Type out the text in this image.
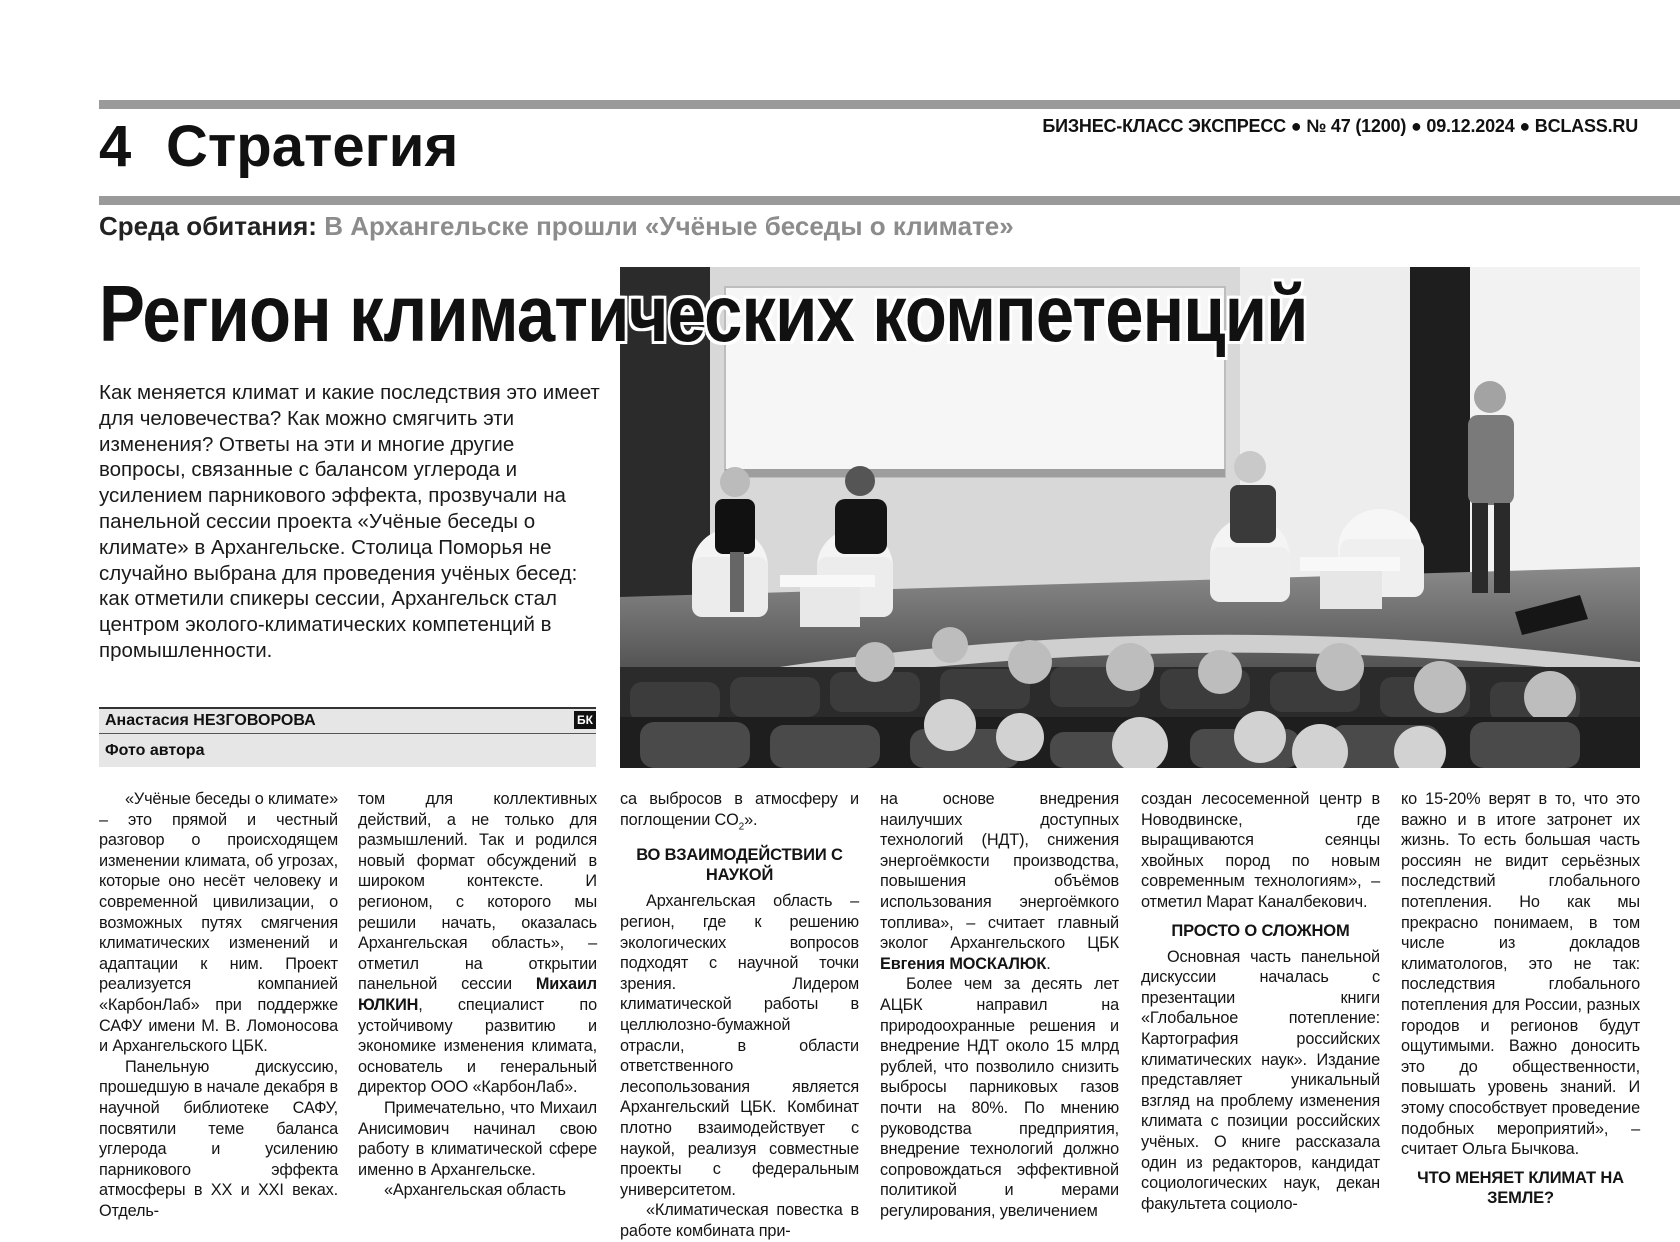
4 Стратегия	БИЗНЕС-КЛАСС ЭКСПРЕСС ● № 47 (1200) ● 09.12.2024 ● BCLASS.RU
Среда обитания: В Архангельске прошли «Учёные беседы о климате»
Регион климатических компетенций
Как меняется климат и какие последствия это имеет для человечества? Как можно смягчить эти изменения? Ответы на эти и многие другие вопросы, связанные с балансом углерода и усилением парникового эффекта, прозвучали на панельной сессии проекта «Учёные беседы о климате» в Архангельске. Столица Поморья не случайно выбрана для проведения учёных бесед: как отметили спикеры сессии, Архангельск стал центром эколого-климатических компетенций в промышленности.
Анастасия НЕЗГОВОРОВА	БК
Фото автора

«Учёные беседы о климате» – это прямой и честный разговор о происходящем изменении климата, об угрозах, которые оно несёт человеку и современной цивилизации, о возможных путях смягчения климатических изменений и адаптации к ним. Проект реализуется компанией «КарбонЛаб» при поддержке САФУ имени М. В. Ломоносова и Архангельского ЦБК.

Панельную дискуссию, прошедшую в начале декабря в научной библиотеке САФУ, посвятили теме баланса углерода и усилению парникового эффекта атмосферы в XX и XXI веках. Отдель-

том для коллективных действий, а не только для размышлений. Так и родился новый формат обсуждений в широком контексте. И регионом, с которого мы решили начать, оказалась Архангельская область», – отметил на открытии панельной сессии Михаил ЮЛКИН, специалист по устойчивому развитию и экономике изменения климата, основатель и генеральный директор ООО «КарбонЛаб».

Примечательно, что Михаил Анисимович начинал свою работу в климатической сфере именно в Архангельске.

«Архангельская область

са выбросов в атмосферу и поглощении $CO_2$».

ВО ВЗАИМОДЕЙСТВИИ С НАУКОЙ

Архангельская область – регион, где к решению экологических вопросов подходят с научной точки зрения. Лидером климатической работы в целлюлозно-бумажной отрасли, в области ответственного лесопользования является Архангельский ЦБК. Комбинат плотно взаимодействует с наукой, реализуя совместные проекты с федеральным университетом.

«Климатическая повестка в работе комбината при-

на основе внедрения наилучших доступных технологий (НДТ), снижения энергоёмкости производства, повышения объёмов использования энергоёмкого топлива», – считает главный эколог Архангельского ЦБК Евгения МОСКАЛЮК.

Более чем за десять лет АЦБК направил на природоохранные решения и внедрение НДТ около 15 млрд рублей, что позволило снизить выбросы парниковых газов почти на 80%. По мнению руководства предприятия, внедрение технологий должно сопровождаться эффективной политикой и мерами регулирования, увеличением

создан лесосеменной центр в Новодвинске, где выращиваются сеянцы хвойных пород по новым современным технологиям», – отметил Марат Каналбекович.

ПРОСТО О СЛОЖНОМ

Основная часть панельной дискуссии началась с презентации книги «Глобальное потепление: Картография российских климатических наук». Издание представляет уникальный взгляд на проблему изменения климата с позиции российских учёных. О книге рассказала один из редакторов, кандидат социологических наук, декан факультета социоло-

ко 15-20% верят в то, что это важно и в итоге затронет их жизнь. То есть большая часть россиян не видит серьёзных последствий глобального потепления. Но как мы прекрасно понимаем, в том числе из докладов климатологов, это не так: последствия глобального потепления для России, разных городов и регионов будут ощутимыми. Важно доносить это до общественности, повышать уровень знаний. И этому способствует проведение подобных мероприятий», – считает Ольга Бычкова.

ЧТО МЕНЯЕТ КЛИМАТ НА ЗЕМЛЕ?
